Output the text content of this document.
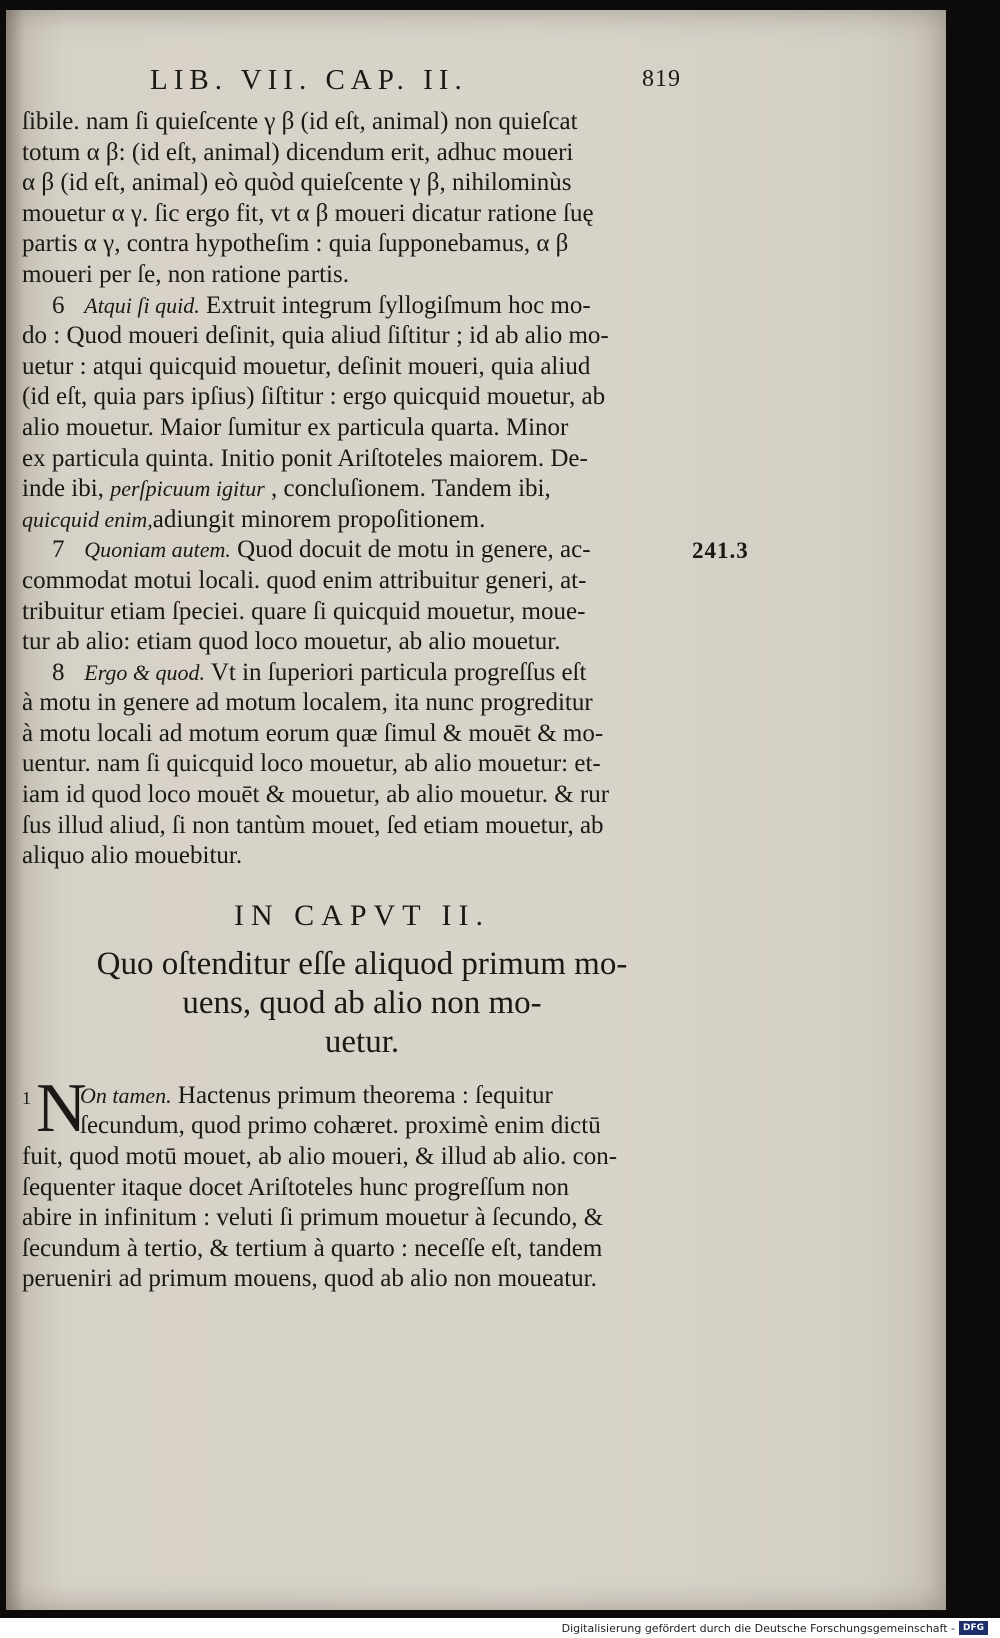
LIB. VII. CAP. II.	819
ſibile. nam ſi quieſcente γ β (id eſt, animal) non quieſcat
totum α β: (id eſt, animal) dicendum erit, adhuc moueri
α β (id eſt, animal) eò quòd quieſcente γ β, nihilominùs
mouetur α γ. ſic ergo fit, vt α β moueri dicatur ratione ſuę
partis α γ, contra hypotheſim : quia ſupponebamus, α β
moueri per ſe, non ratione partis.
6 Atqui ſi quid. Extruit integrum ſyllogiſmum hoc mo-
do : Quod moueri deſinit, quia aliud ſiſtitur ; id ab alio mo-
uetur : atqui quicquid mouetur, deſinit moueri, quia aliud
(id eſt, quia pars ipſius) ſiſtitur : ergo quicquid mouetur, ab
alio mouetur. Maior ſumitur ex particula quarta. Minor
ex particula quinta. Initio ponit Ariſtoteles maiorem. De-
inde ibi, perſpicuum igitur , concluſionem. Tandem ibi,
quicquid enim,adiungit minorem propoſitionem.
7 Quoniam autem. Quod docuit de motu in genere, ac-	241.3
commodat motui locali. quod enim attribuitur generi, at-
tribuitur etiam ſpeciei. quare ſi quicquid mouetur, moue-
tur ab alio: etiam quod loco mouetur, ab alio mouetur.
8 Ergo & quod. Vt in ſuperiori particula progreſſus eſt
à motu in genere ad motum localem, ita nunc progreditur
à motu locali ad motum eorum quæ ſimul & mouēt & mo-
uentur. nam ſi quicquid loco mouetur, ab alio mouetur: et-
iam id quod loco mouēt & mouetur, ab alio mouetur. & rur
ſus illud aliud, ſi non tantùm mouet, ſed etiam mouetur, ab
aliquo alio mouebitur.
IN CAPVT II.
Quo oſtenditur eſſe aliquod primum mo-
uens, quod ab alio non mo-
uetur.
1 N
On tamen. Hactenus primum theorema : ſequitur
ſecundum, quod primo cohæret. proximè enim dictū
fuit, quod motū mouet, ab alio moueri, & illud ab alio. con-
ſequenter itaque docet Ariſtoteles hunc progreſſum non
abire in infinitum : veluti ſi primum mouetur à ſecundo, &
ſecundum à tertio, & tertium à quarto : neceſſe eſt, tandem
perueniri ad primum mouens, quod ab alio non moueatur.
Digitalisierung gefördert durch die Deutsche Forschungsgemeinschaft - DFG
